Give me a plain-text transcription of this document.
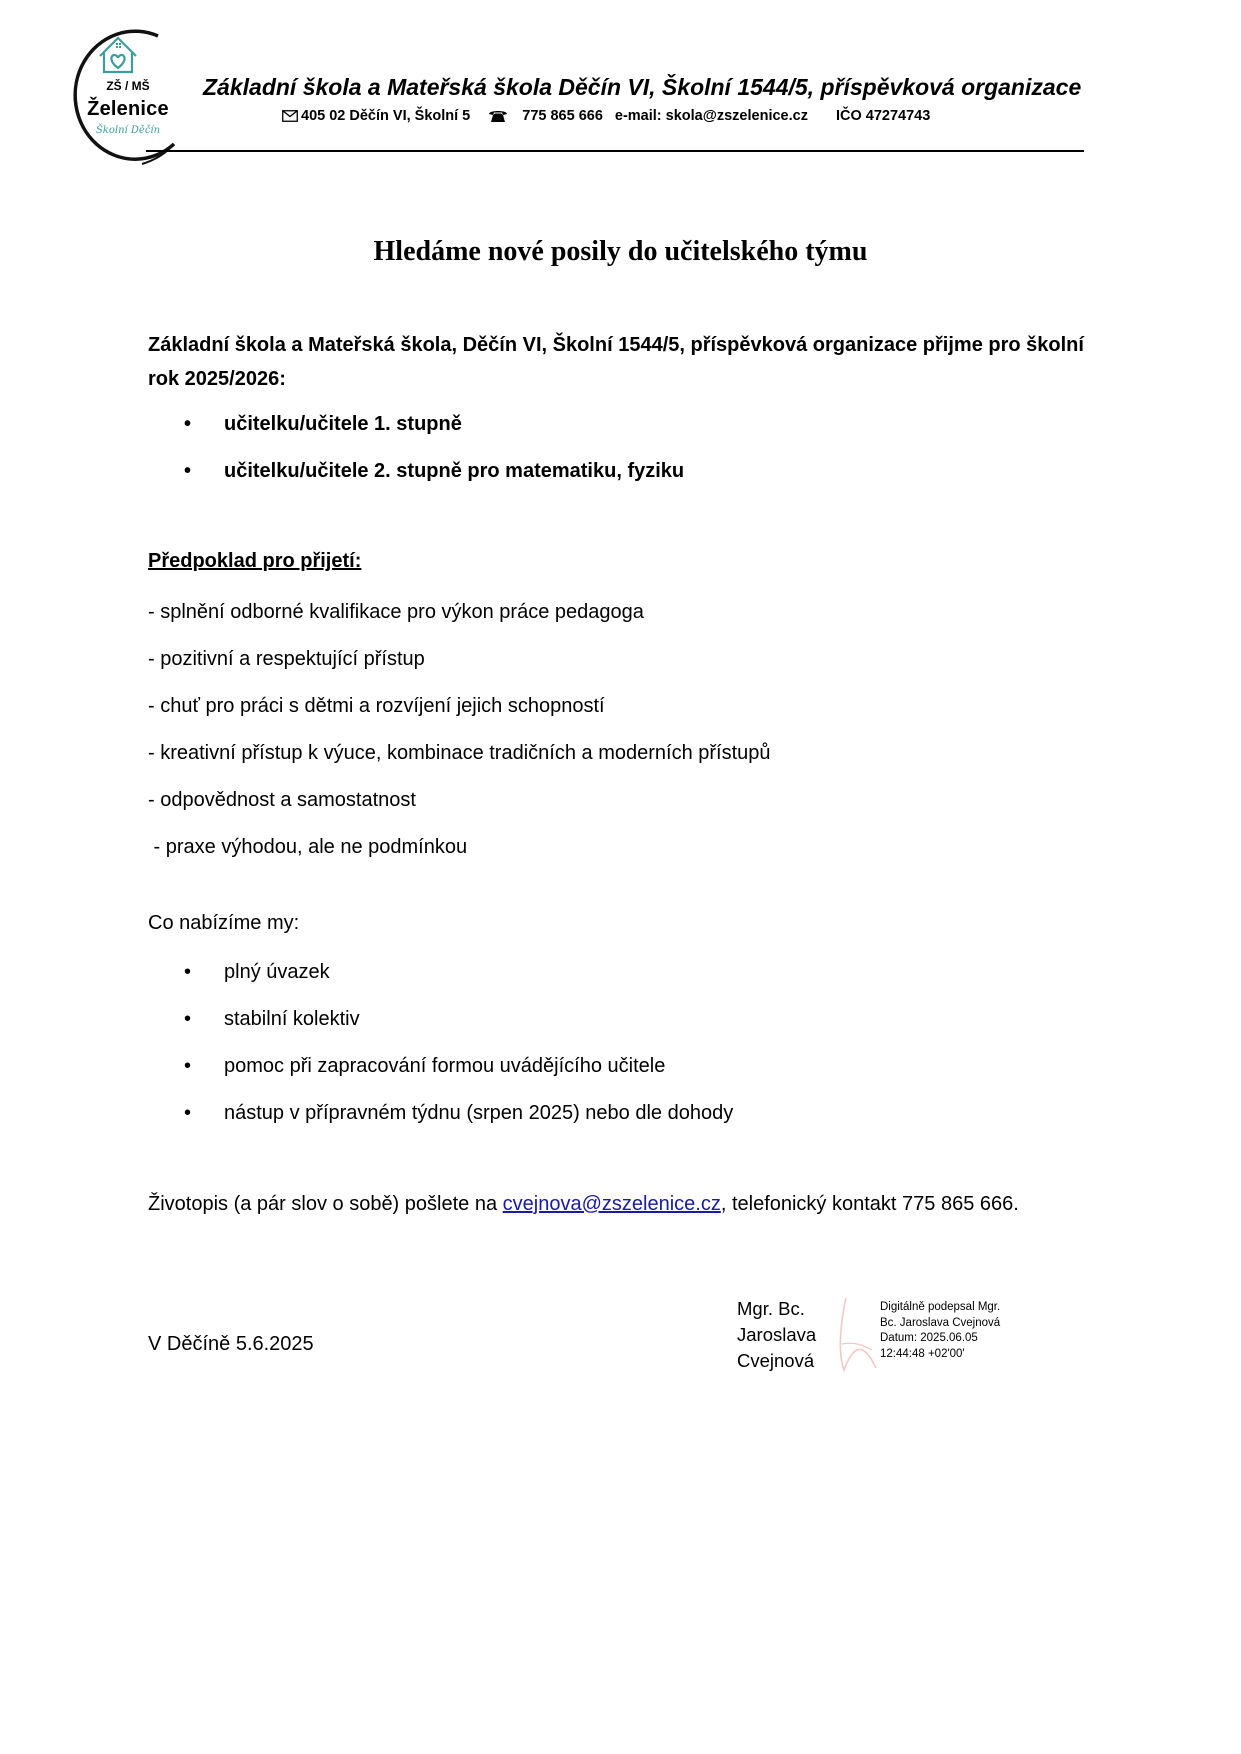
ZŠ / MŠ
Želenice
Školní Děčín
Základní škola a Mateřská škola Děčín VI, Školní 1544/5, příspěvková organizace
405 02 Děčín VI, Školní 5	775 865 666 e-mail: skola@zszelenice.cz IČO 47274743
Hledáme nové posily do učitelského týmu
Základní škola a Mateřská škola, Děčín VI, Školní 1544/5, příspěvková organizace přijme pro školní rok 2025/2026:
• učitelku/učitele 1. stupně
• učitelku/učitele 2. stupně pro matematiku, fyziku
Předpoklad pro přijetí:
- splnění odborné kvalifikace pro výkon práce pedagoga
- pozitivní a respektující přístup
- chuť pro práci s dětmi a rozvíjení jejich schopností
- kreativní přístup k výuce, kombinace tradičních a moderních přístupů
- odpovědnost a samostatnost
- praxe výhodou, ale ne podmínkou
Co nabízíme my:
• plný úvazek
• stabilní kolektiv
• pomoc při zapracování formou uvádějícího učitele
• nástup v přípravném týdnu (srpen 2025) nebo dle dohody
Životopis (a pár slov o sobě) pošlete na cvejnova@zszelenice.cz, telefonický kontakt 775 865 666.
V Děčíně 5.6.2025
Mgr. Bc.
Jaroslava
Cvejnová
Digitálně podepsal Mgr.
Bc. Jaroslava Cvejnová
Datum: 2025.06.05
12:44:48 +02'00'
